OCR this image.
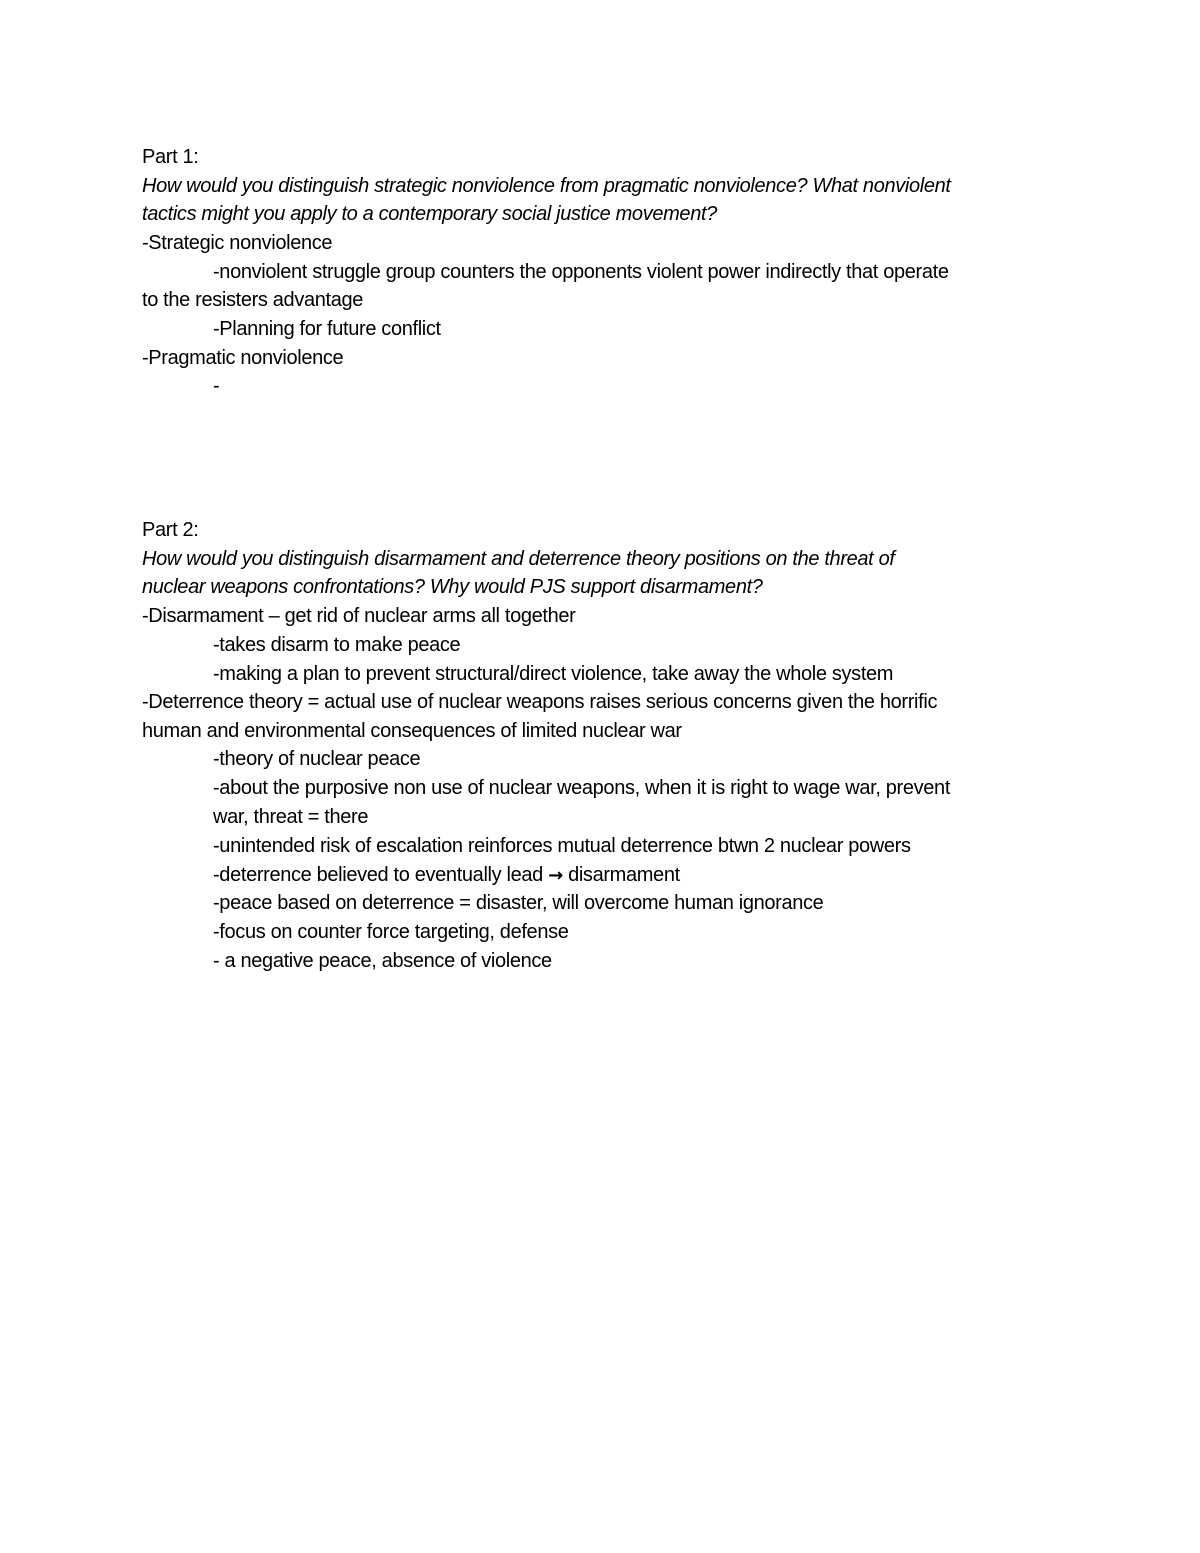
Part 1:
How would you distinguish strategic nonviolence from pragmatic nonviolence? What nonviolent
tactics might you apply to a contemporary social justice movement?
-Strategic nonviolence
-nonviolent struggle group counters the opponents violent power indirectly that operate
to the resisters advantage
-Planning for future conflict
-Pragmatic nonviolence
-
Part 2:
How would you distinguish disarmament and deterrence theory positions on the threat of
nuclear weapons confrontations? Why would PJS support disarmament?
-Disarmament – get rid of nuclear arms all together
-takes disarm to make peace
-making a plan to prevent structural/direct violence, take away the whole system
-Deterrence theory = actual use of nuclear weapons raises serious concerns given the horrific
human and environmental consequences of limited nuclear war
-theory of nuclear peace
-about the purposive non use of nuclear weapons, when it is right to wage war, prevent
war, threat = there
-unintended risk of escalation reinforces mutual deterrence btwn 2 nuclear powers
-deterrence believed to eventually lead → disarmament
-peace based on deterrence = disaster, will overcome human ignorance
-focus on counter force targeting, defense
- a negative peace, absence of violence
